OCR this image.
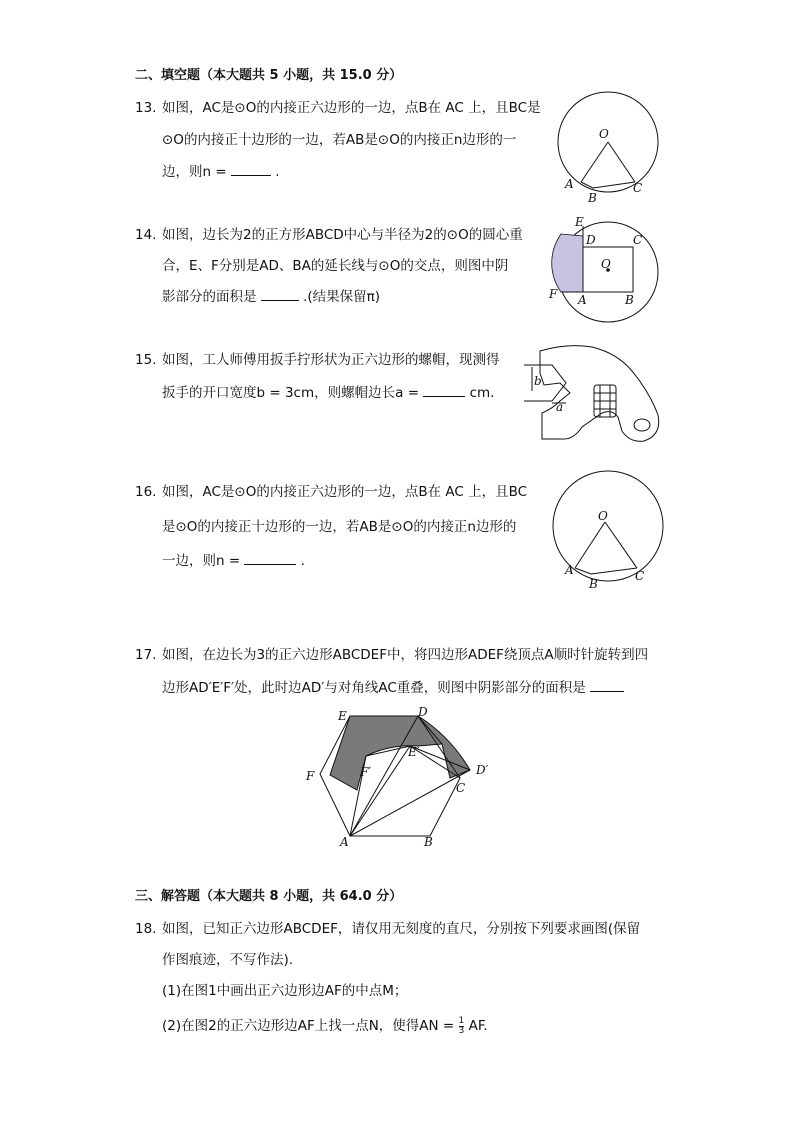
二、填空题（本大题共 5 小题，共 15.0 分）
13. 如图，AC是⊙O的内接正六边形的一边，点B在 AC 上，且BC是
⊙O的内接正十边形的一边，若AB是⊙O的内接正n边形的一
边，则n =	.
O
A
B
C
14. 如图，边长为2的正方形ABCD中心与半径为2的⊙O的圆心重
合，E、F分别是AD、BA的延长线与⊙O的交点，则图中阴
影部分的面积是	.(结果保留π)
E
D	C
O
F A	B
15. 如图，工人师傅用扳手拧形状为正六边形的螺帽，现测得
扳手的开口宽度b = 3cm，则螺帽边长a =	cm.
b
a
16. 如图，AC是⊙O的内接正六边形的一边，点B在 AC 上，且BC
是⊙O的内接正十边形的一边，若AB是⊙O的内接正n边形的
一边，则n =	.
O
A
B
C
17. 如图，在边长为3的正六边形ABCDEF中，将四边形ADEF绕顶点A顺时针旋转到四
边形AD′E′F′处，此时边AD′与对角线AC重叠，则图中阴影部分的面积是
E	D
E′
D′
F	F′
C
A	B
三、解答题（本大题共 8 小题，共 64.0 分）
18. 如图，已知正六边形ABCDEF，请仅用无刻度的直尺，分别按下列要求画图(保留
作图痕迹，不写作法).
(1)在图1中画出正六边形边AF的中点M；
(2)在图2的正六边形边AF上找一点N，使得AN = $\frac{1}{3}$ AF.
